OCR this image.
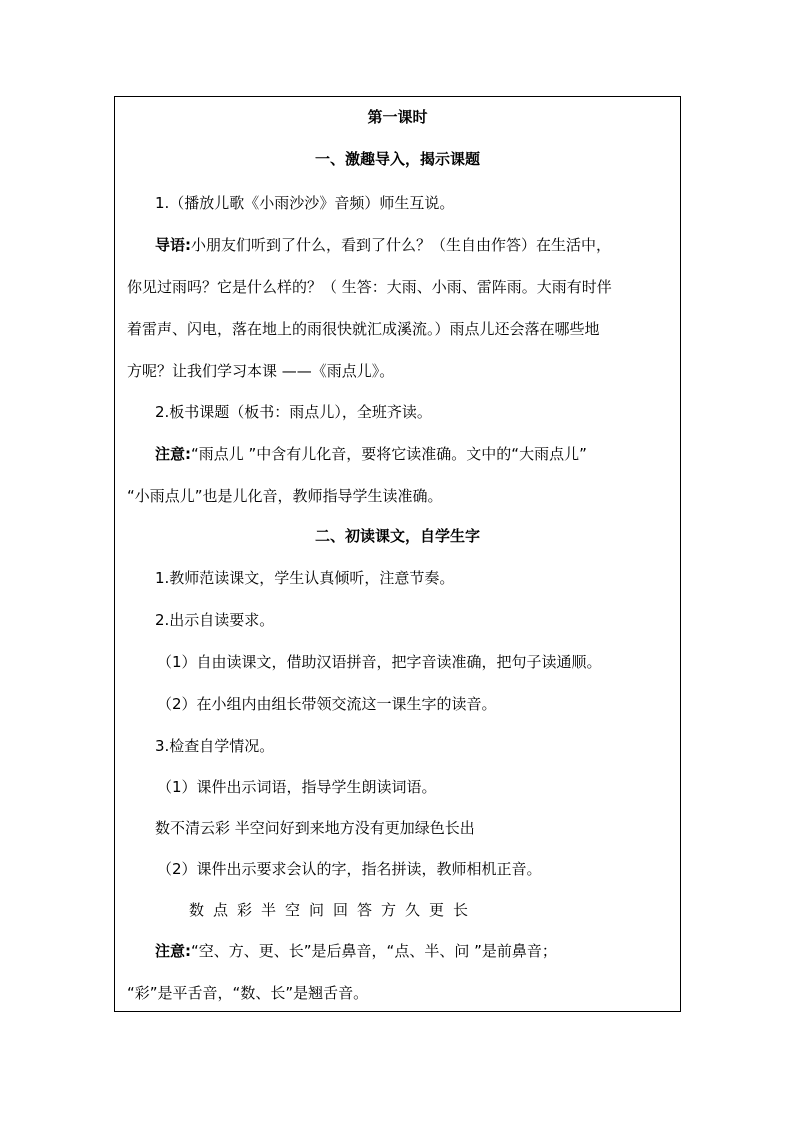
第一课时
一、激趣导入，揭示课题
1.（播放儿歌《小雨沙沙》音频）师生互说。
导语:小朋友们听到了什么，看到了什么？（生自由作答）在生活中，
你见过雨吗？它是什么样的？（ 生答：大雨、小雨、雷阵雨。大雨有时伴
着雷声、闪电，落在地上的雨很快就汇成溪流。）雨点儿还会落在哪些地
方呢？让我们学习本课 ——《雨点儿》。
2.板书课题（板书：雨点儿），全班齐读。
注意:“雨点儿 ”中含有儿化音，要将它读准确。文中的“大雨点儿”
“小雨点儿”也是儿化音，教师指导学生读准确。
二、初读课文，自学生字
1.教师范读课文，学生认真倾听，注意节奏。
2.出示自读要求。
（1）自由读课文，借助汉语拼音，把字音读准确，把句子读通顺。
（2）在小组内由组长带领交流这一课生字的读音。
3.检查自学情况。
（1）课件出示词语，指导学生朗读词语。
数不清云彩 半空问好到来地方没有更加绿色长出
（2）课件出示要求会认的字，指名拼读，教师相机正音。
数点彩半空问回答方久更长
注意:“空、方、更、长”是后鼻音，“点、半、问 ”是前鼻音；
“彩”是平舌音，“数、长”是翘舌音。
